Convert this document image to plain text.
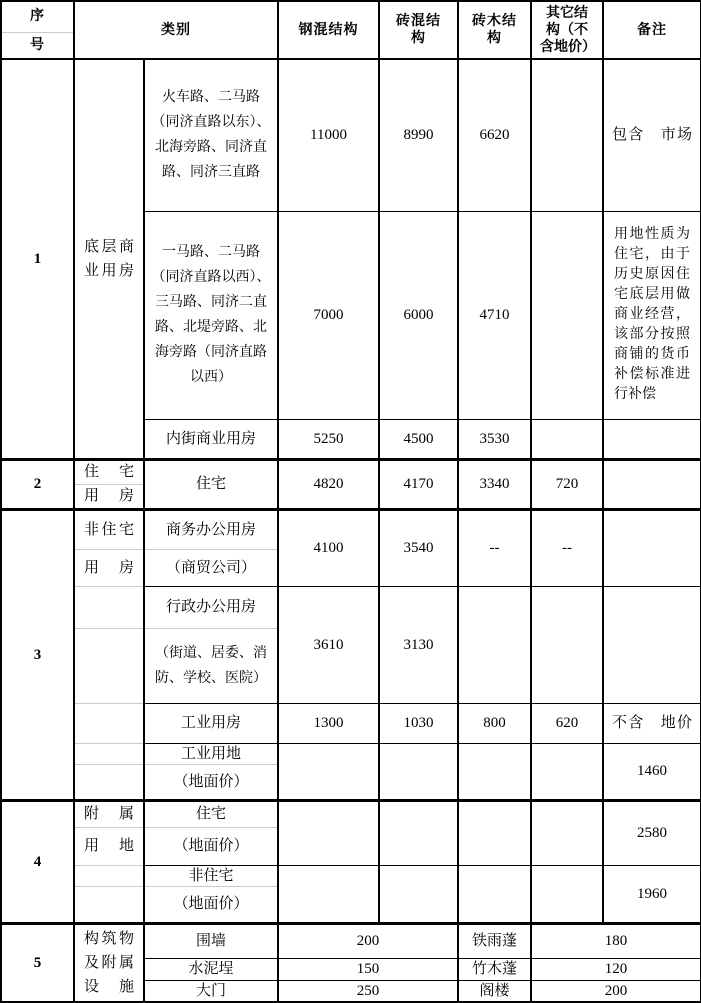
序	类别		钢混结构	砖混结构	砖木结构	其它结构（不含地价）	备注
号							
1	底层商业用房	火车路、二马路（同济直路以东）、北海旁路、同济直路、同济三直路	11000	8990	6620		包含　市场
		一马路、二马路（同济直路以西）、三马路、同济二直路、北堤旁路、北海旁路（同济直路以西）	7000	6000	4710		用地性质为住宅，由于历史原因住宅底层用做商业经营，该部分按照商铺的货币补偿标准进行补偿
		内街商业用房	5250	4500	3530		
2	住宅	住宅	4820	4170	3340	720	

	用房						

3	非住宅	商务办公用房	4100	3540	--	--	

	用房	（商贸公司）					
		行政办公用房	3610	3130			
		（街道、居委、消防、学校、医院）					
		工业用房	1300	1030	800	620	不含　地价
		工业用地					1460
		（地面价）					
4	附属	住宅					2580

	用地	（地面价）					
		非住宅					1960
		（地面价）					
5	构筑物及附属设施	围墙	200		铁雨蓬	180	
		水泥埕	150		竹木蓬	120	
		大门	250		阁楼	200	
